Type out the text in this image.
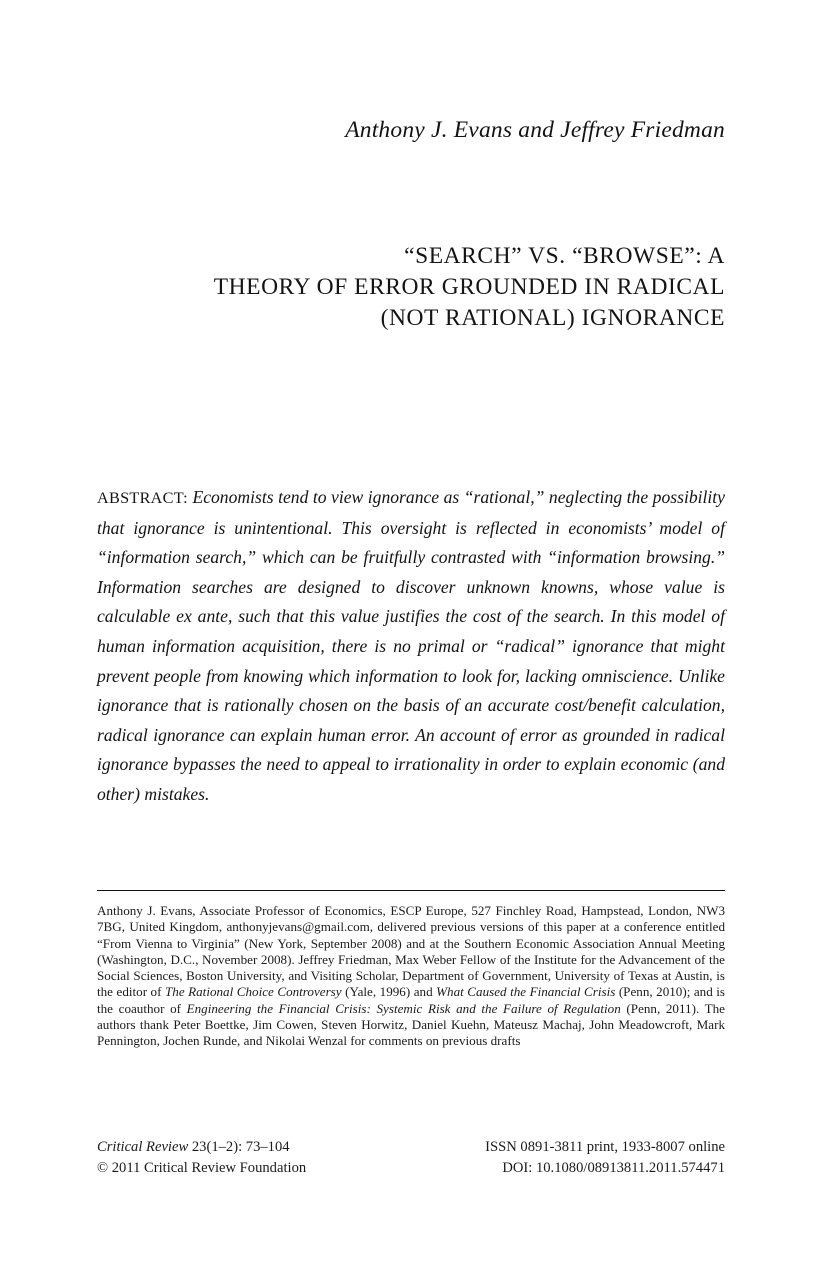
Anthony J. Evans and Jeffrey Friedman
“SEARCH” VS. “BROWSE”: A
THEORY OF ERROR GROUNDED IN RADICAL
(NOT RATIONAL) IGNORANCE
ABSTRACT: Economists tend to view ignorance as “rational,” neglecting the possibility that ignorance is unintentional. This oversight is reflected in economists’ model of “information search,” which can be fruitfully contrasted with “information browsing.” Information searches are designed to discover unknown knowns, whose value is calculable ex ante, such that this value justifies the cost of the search. In this model of human information acquisition, there is no primal or “radical” ignorance that might prevent people from knowing which information to look for, lacking omniscience. Unlike ignorance that is rationally chosen on the basis of an accurate cost/benefit calculation, radical ignorance can explain human error. An account of error as grounded in radical ignorance bypasses the need to appeal to irrationality in order to explain economic (and other) mistakes.
Anthony J. Evans, Associate Professor of Economics, ESCP Europe, 527 Finchley Road, Hampstead, London, NW3 7BG, United Kingdom, anthonyjevans@gmail.com, delivered previous versions of this paper at a conference entitled “From Vienna to Virginia” (New York, September 2008) and at the Southern Economic Association Annual Meeting (Washington, D.C., November 2008). Jeffrey Friedman, Max Weber Fellow of the Institute for the Advancement of the Social Sciences, Boston University, and Visiting Scholar, Department of Government, University of Texas at Austin, is the editor of The Rational Choice Controversy (Yale, 1996) and What Caused the Financial Crisis (Penn, 2010); and is the coauthor of Engineering the Financial Crisis: Systemic Risk and the Failure of Regulation (Penn, 2011). The authors thank Peter Boettke, Jim Cowen, Steven Horwitz, Daniel Kuehn, Mateusz Machaj, John Meadowcroft, Mark Pennington, Jochen Runde, and Nikolai Wenzal for comments on previous drafts
Critical Review 23(1–2): 73–104	ISSN 0891-3811 print, 1933-8007 online
© 2011 Critical Review Foundation	DOI: 10.1080/08913811.2011.574471
